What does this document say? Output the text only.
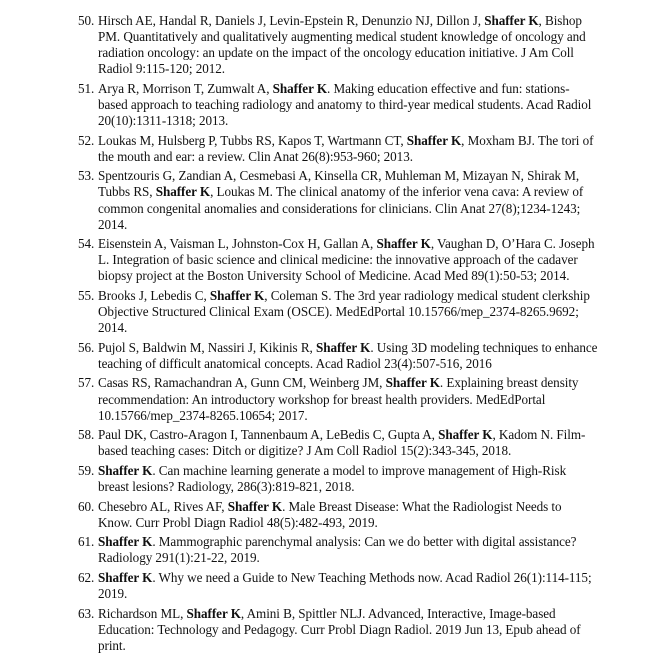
50. Hirsch AE, Handal R, Daniels J, Levin-Epstein R, Denunzio NJ, Dillon J, Shaffer K, Bishop PM. Quantitatively and qualitatively augmenting medical student knowledge of oncology and radiation oncology: an update on the impact of the oncology education initiative. J Am Coll Radiol 9:115-120; 2012.
51. Arya R, Morrison T, Zumwalt A, Shaffer K. Making education effective and fun: stations-based approach to teaching radiology and anatomy to third-year medical students. Acad Radiol 20(10):1311-1318; 2013.
52. Loukas M, Hulsberg P, Tubbs RS, Kapos T, Wartmann CT, Shaffer K, Moxham BJ. The tori of the mouth and ear: a review. Clin Anat 26(8):953-960; 2013.
53. Spentzouris G, Zandian A, Cesmebasi A, Kinsella CR, Muhleman M, Mizayan N, Shirak M, Tubbs RS, Shaffer K, Loukas M. The clinical anatomy of the inferior vena cava: A review of common congenital anomalies and considerations for clinicians. Clin Anat 27(8);1234-1243; 2014.
54. Eisenstein A, Vaisman L, Johnston-Cox H, Gallan A, Shaffer K, Vaughan D, O’Hara C. Joseph L. Integration of basic science and clinical medicine: the innovative approach of the cadaver biopsy project at the Boston University School of Medicine. Acad Med 89(1):50-53; 2014.
55. Brooks J, Lebedis C, Shaffer K, Coleman S. The 3rd year radiology medical student clerkship Objective Structured Clinical Exam (OSCE). MedEdPortal 10.15766/mep_2374-8265.9692; 2014.
56. Pujol S, Baldwin M, Nassiri J, Kikinis R, Shaffer K. Using 3D modeling techniques to enhance teaching of difficult anatomical concepts. Acad Radiol 23(4):507-516, 2016
57. Casas RS, Ramachandran A, Gunn CM, Weinberg JM, Shaffer K. Explaining breast density recommendation: An introductory workshop for breast health providers. MedEdPortal 10.15766/mep_2374-8265.10654; 2017.
58. Paul DK, Castro-Aragon I, Tannenbaum A, LeBedis C, Gupta A, Shaffer K, Kadom N. Film-based teaching cases: Ditch or digitize? J Am Coll Radiol 15(2):343-345, 2018.
59. Shaffer K. Can machine learning generate a model to improve management of High-Risk breast lesions? Radiology, 286(3):819-821, 2018.
60. Chesebro AL, Rives AF, Shaffer K. Male Breast Disease: What the Radiologist Needs to Know. Curr Probl Diagn Radiol 48(5):482-493, 2019.
61. Shaffer K. Mammographic parenchymal analysis: Can we do better with digital assistance? Radiology 291(1):21-22, 2019.
62. Shaffer K. Why we need a Guide to New Teaching Methods now. Acad Radiol 26(1):114-115; 2019.
63. Richardson ML, Shaffer K, Amini B, Spittler NLJ. Advanced, Interactive, Image-based Education: Technology and Pedagogy. Curr Probl Diagn Radiol. 2019 Jun 13, Epub ahead of print.
